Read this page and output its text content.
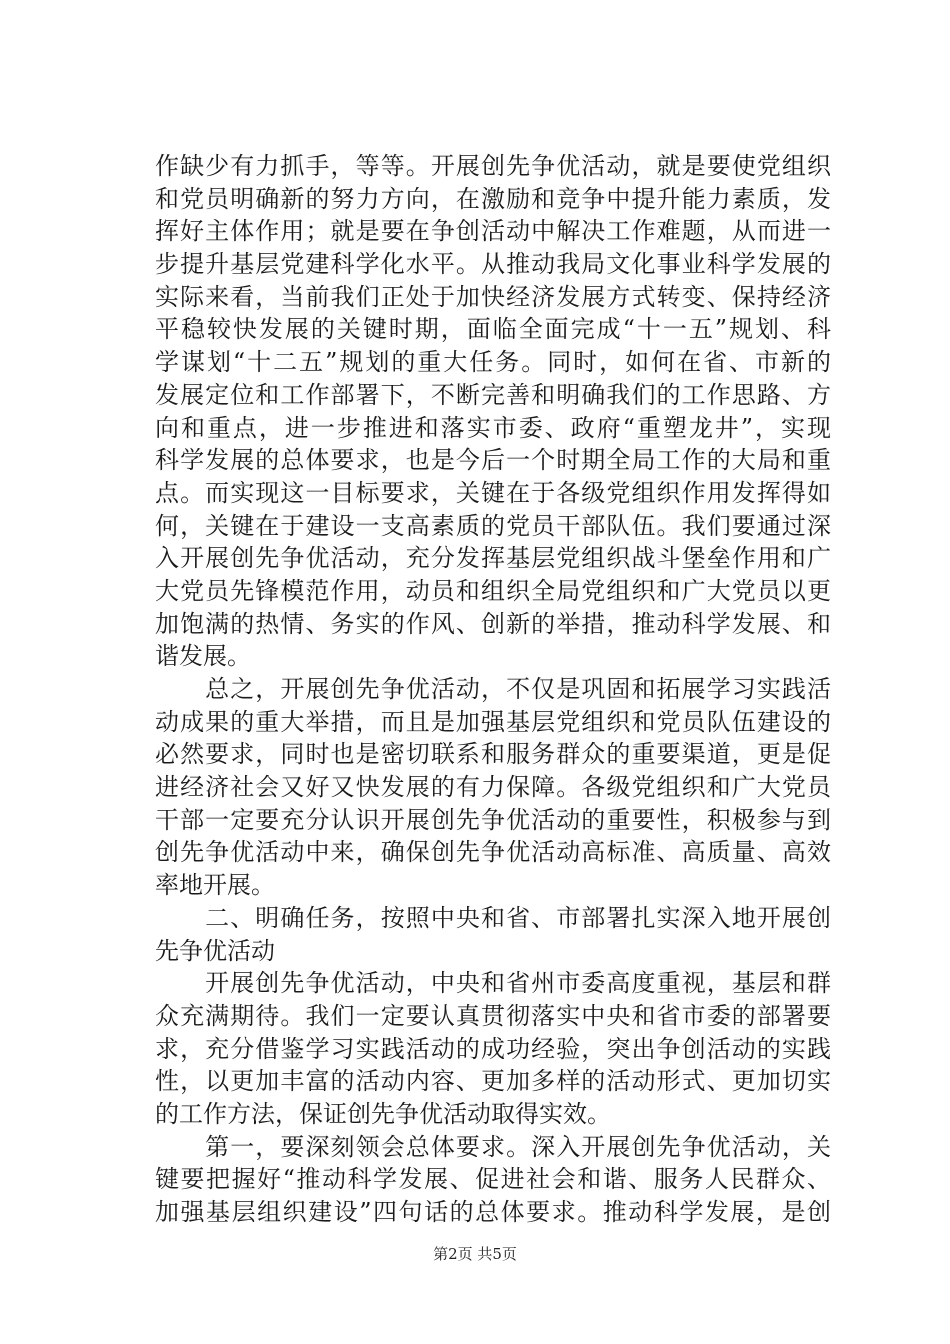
作缺少有力抓手，等等。开展创先争优活动，就是要使党组织
和党员明确新的努力方向，在激励和竞争中提升能力素质，发
挥好主体作用；就是要在争创活动中解决工作难题，从而进一
步提升基层党建科学化水平。从推动我局文化事业科学发展的
实际来看，当前我们正处于加快经济发展方式转变、保持经济
平稳较快发展的关键时期，面临全面完成“十一五”规划、科
学谋划“十二五”规划的重大任务。同时，如何在省、市新的
发展定位和工作部署下，不断完善和明确我们的工作思路、方
向和重点，进一步推进和落实市委、政府“重塑龙井”，实现
科学发展的总体要求，也是今后一个时期全局工作的大局和重
点。而实现这一目标要求，关键在于各级党组织作用发挥得如
何，关键在于建设一支高素质的党员干部队伍。我们要通过深
入开展创先争优活动，充分发挥基层党组织战斗堡垒作用和广
大党员先锋模范作用，动员和组织全局党组织和广大党员以更
加饱满的热情、务实的作风、创新的举措，推动科学发展、和
谐发展。
　　总之，开展创先争优活动，不仅是巩固和拓展学习实践活
动成果的重大举措，而且是加强基层党组织和党员队伍建设的
必然要求，同时也是密切联系和服务群众的重要渠道，更是促
进经济社会又好又快发展的有力保障。各级党组织和广大党员
干部一定要充分认识开展创先争优活动的重要性，积极参与到
创先争优活动中来，确保创先争优活动高标准、高质量、高效
率地开展。
　　二、明确任务，按照中央和省、市部署扎实深入地开展创
先争优活动
　　开展创先争优活动，中央和省州市委高度重视，基层和群
众充满期待。我们一定要认真贯彻落实中央和省市委的部署要
求，充分借鉴学习实践活动的成功经验，突出争创活动的实践
性，以更加丰富的活动内容、更加多样的活动形式、更加切实
的工作方法，保证创先争优活动取得实效。
　　第一，要深刻领会总体要求。深入开展创先争优活动，关
键要把握好“推动科学发展、促进社会和谐、服务人民群众、
加强基层组织建设”四句话的总体要求。推动科学发展，是创
第2页 共5页
